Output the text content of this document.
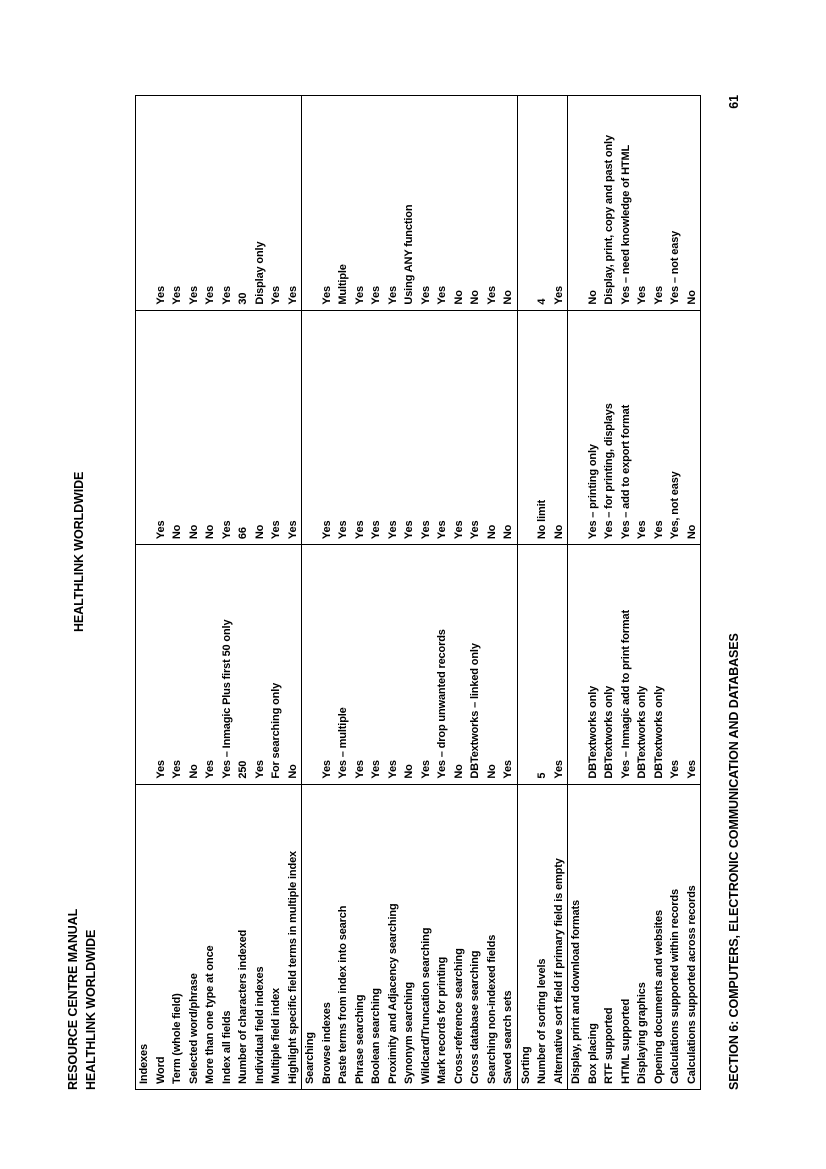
RESOURCE CENTRE MANUAL HEALTHLINK WORLDWIDE
HEALTHLINK WORLDWIDE
Indexes Word
Yes
Yes
Yes
Term (whole field)
Yes
No
Yes
Selected word/phrase
No
No
Yes
More than one type at once
Yes
No
Yes
Index all fields
Yes – Inmagic Plus first 50 only
Yes
Yes
Number of characters indexed
250
66
30
Individual field indexes
Yes
No
Display only
Multiple field index
For searching only
Yes
Yes
Highlight specific field terms in multiple index
No
Yes
Yes
Searching Browse indexes
Yes
Yes
Yes
Paste terms from index into search
Yes – multiple
Yes
Multiple
Phrase searching
Yes
Yes
Yes
Boolean searching
Yes
Yes
Yes
Proximity and Adjacency searching
Yes
Yes
Yes
Synonym searching
No
Yes
Using ANY function
Wildcard/Truncation searching
Yes
Yes
Yes
Mark records for printing
Yes – drop unwanted records
Yes
Yes
Cross-reference searching
No
Yes
No
Cross database searching
DBTextworks – linked only
Yes
No
Searching non-indexed fields
No
No
Yes
Saved search sets
Yes
No
No
Sorting Number of sorting levels
5
No limit
4
Alternative sort field if primary field is empty
Yes
No
Yes
Display, print and download formats Box placing
DBTextworks only
Yes – printing only
No
RTF supported
DBTextworks only
Yes – for printing, displays
Display, print, copy and past only
HTML supported
Yes – Inmagic add to print format
Yes – add to export format
Yes – need knowledge of HTML
Displaying graphics
DBTextworks only
Yes
Yes
Opening documents and websites
DBTextworks only
Yes
Yes
Calculations supported within records
Yes
Yes, not easy
Yes – not easy
Calculations supported across records
Yes
No
No
SECTION 6: COMPUTERS, ELECTRONIC COMMUNICATION AND DATABASES
61
